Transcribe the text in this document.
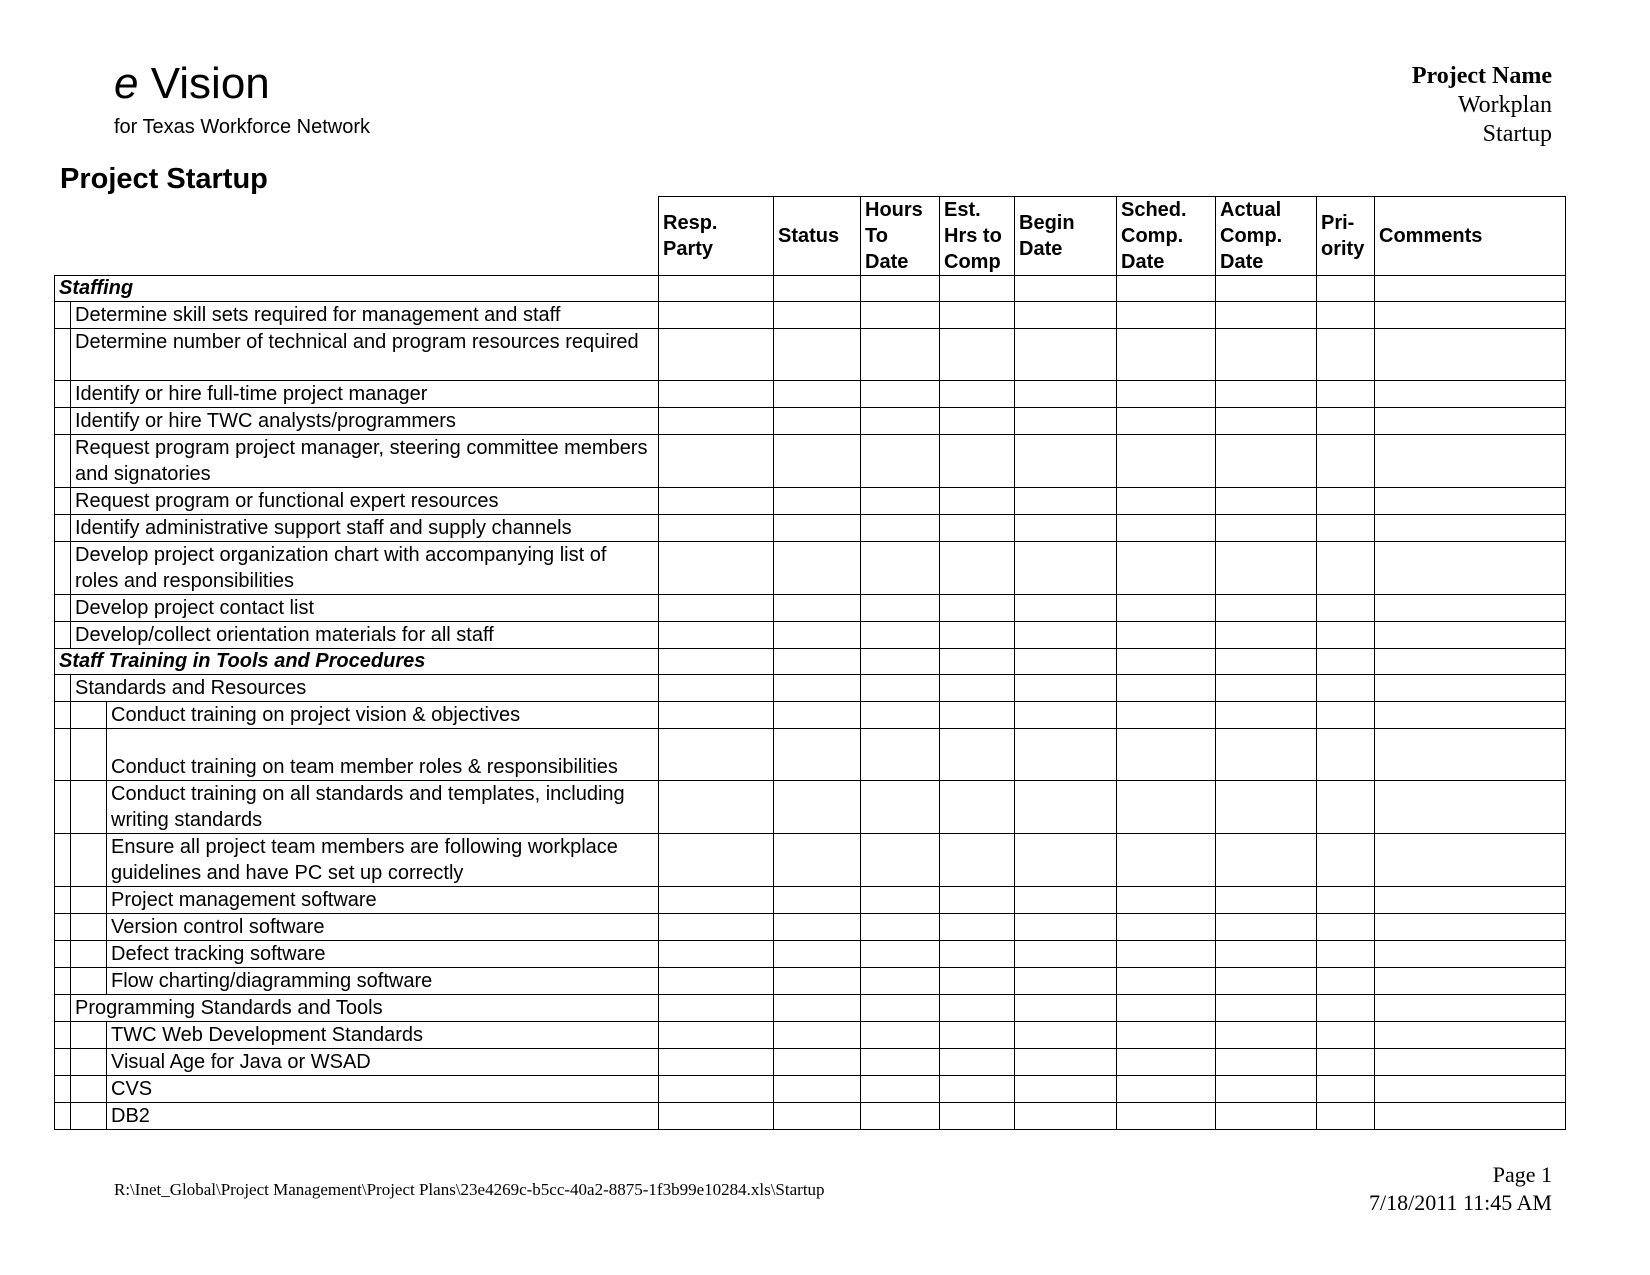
e Vision
for Texas Workforce Network
Project Startup
Project Name
Workplan
Startup
			Resp. Party	Status	Hours To Date	Est. Hrs to Comp	Begin Date	Sched. Comp. Date	Actual Comp. Date	Pri- ority	Comments
Staffing											
	Determine skill sets required for management and staff										
	Determine number of technical and program resources required										
	Identify or hire full-time project manager										
	Identify or hire TWC analysts/programmers										
	Request program project manager, steering committee members and signatories										
	Request program or functional expert resources										
	Identify administrative support staff and supply channels										
	Develop project organization chart with accompanying list of roles and responsibilities										
	Develop project contact list										
	Develop/collect orientation materials for all staff										
Staff Training in Tools and Procedures											
	Standards and Resources										
		Conduct training on project vision & objectives									
		Conduct training on team member roles & responsibilities									
		Conduct training on all standards and templates, including writing standards									
		Ensure all project team members are following workplace guidelines and have PC set up correctly									
		Project management software									
		Version control software									
		Defect tracking software									
		Flow charting/diagramming software									
	Programming Standards and Tools										
		TWC Web Development Standards									
		Visual Age for Java or WSAD									
		CVS									
		DB2									
R:\Inet_Global\Project Management\Project Plans\23e4269c-b5cc-40a2-8875-1f3b99e10284.xls\Startup
Page 1
7/18/2011 11:45 AM
